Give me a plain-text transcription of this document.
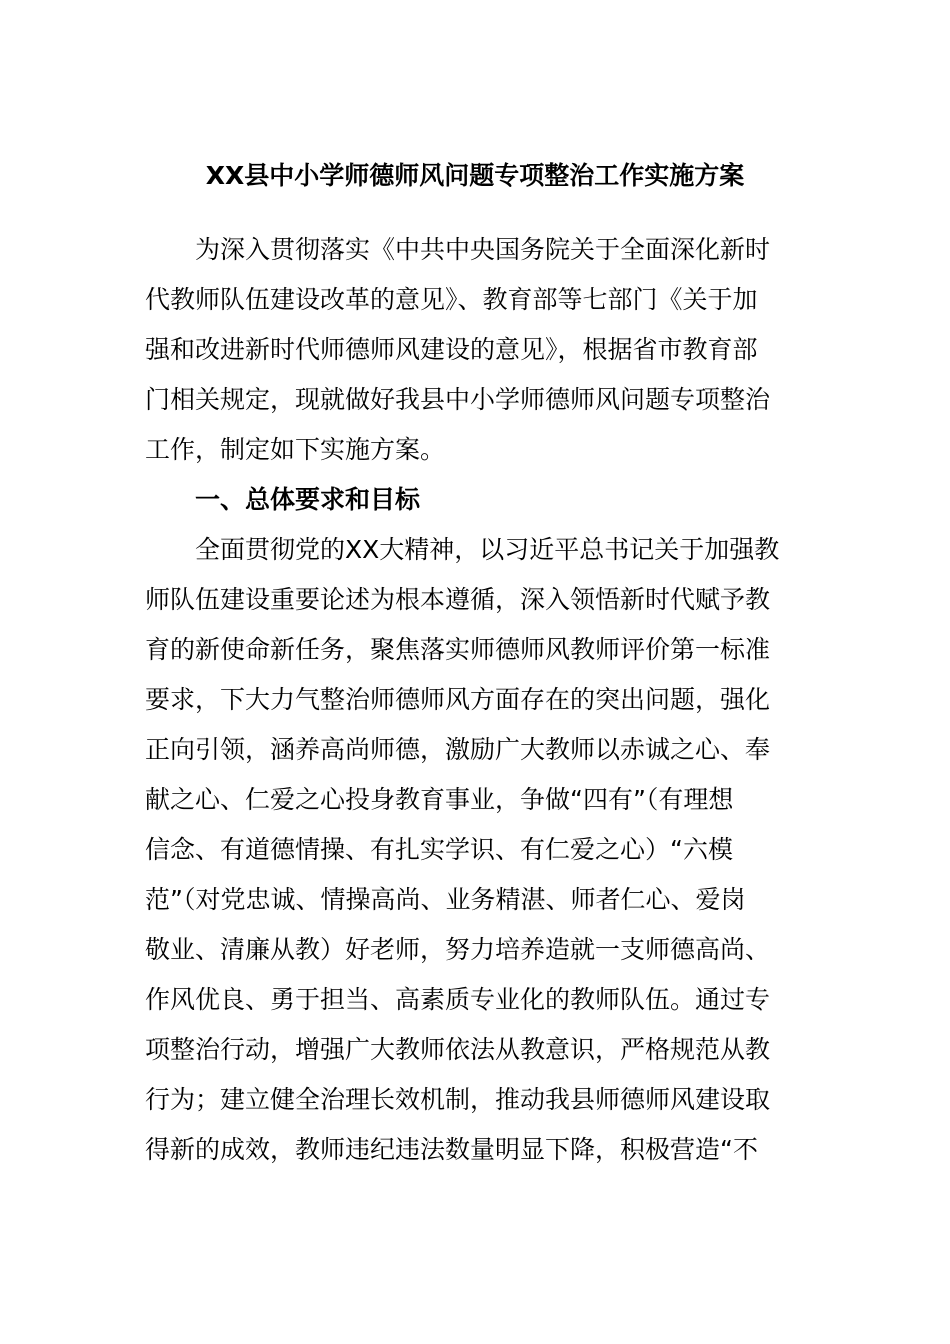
XX县中小学师德师风问题专项整治工作实施方案
为深入贯彻落实《中共中央国务院关于全面深化新时
代教师队伍建设改革的意见》、教育部等七部门《关于加
强和改进新时代师德师风建设的意见》，根据省市教育部
门相关规定，现就做好我县中小学师德师风问题专项整治
工作，制定如下实施方案。
一、总体要求和目标
全面贯彻党的XX大精神，以习近平总书记关于加强教
师队伍建设重要论述为根本遵循，深入领悟新时代赋予教
育的新使命新任务，聚焦落实师德师风教师评价第一标准
要求，下大力气整治师德师风方面存在的突出问题，强化
正向引领，涵养高尚师德，激励广大教师以赤诚之心、奉
献之心、仁爱之心投身教育事业，争做“四有”（有理想
信念、有道德情操、有扎实学识、有仁爱之心）“六模
范”（对党忠诚、情操高尚、业务精湛、师者仁心、爱岗
敬业、清廉从教）好老师，努力培养造就一支师德高尚、
作风优良、勇于担当、高素质专业化的教师队伍。通过专
项整治行动，增强广大教师依法从教意识，严格规范从教
行为；建立健全治理长效机制，推动我县师德师风建设取
得新的成效，教师违纪违法数量明显下降，积极营造“不
